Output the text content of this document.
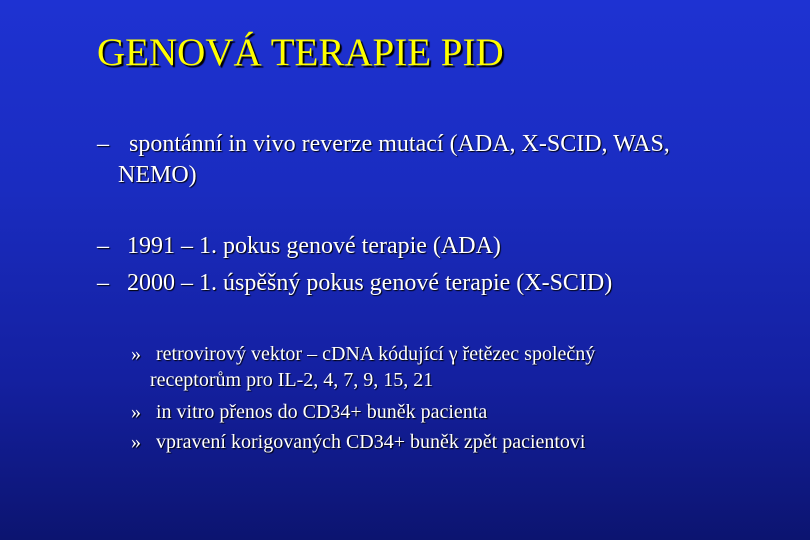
GENOVÁ TERAPIE PID
– spontánní in vivo reverze mutací (ADA, X-SCID, WAS,
NEMO)
– 1991 – 1. pokus genové terapie (ADA)
– 2000 – 1. úspěšný pokus genové terapie (X-SCID)
» retrovirový vektor – cDNA kódující γ řetězec společný
receptorům pro IL-2, 4, 7, 9, 15, 21
» in vitro přenos do CD34+ buněk pacienta
» vpravení korigovaných CD34+ buněk zpět pacientovi
